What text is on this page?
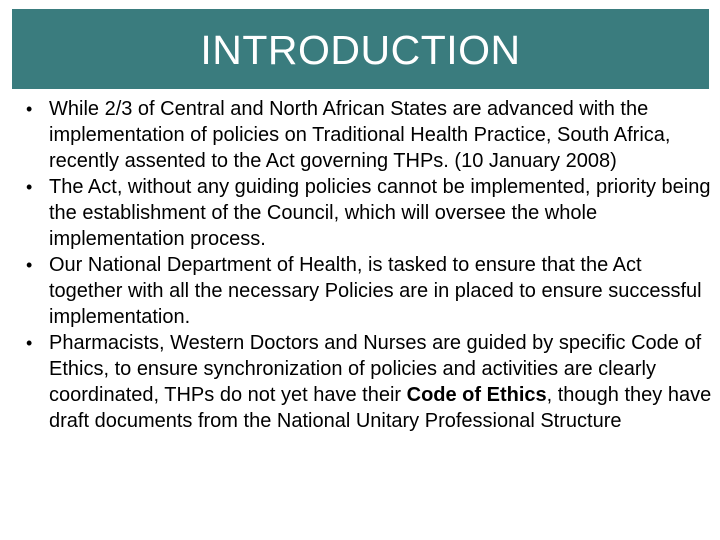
INTRODUCTION
• While 2/3 of Central and North African States are advanced with the implementation of policies on Traditional Health Practice, South Africa, recently assented to the Act governing THPs. (10 January 2008)
• The Act, without any guiding policies cannot be implemented, priority being the establishment of the Council, which will oversee the whole implementation process.
• Our National Department of Health, is tasked to ensure that the Act together with all the necessary Policies are in placed to ensure successful implementation.
• Pharmacists, Western Doctors and Nurses are guided by specific Code of Ethics, to ensure synchronization of policies and activities are clearly coordinated, THPs do not yet have their Code of Ethics, though they have draft documents from the National Unitary Professional Structure
